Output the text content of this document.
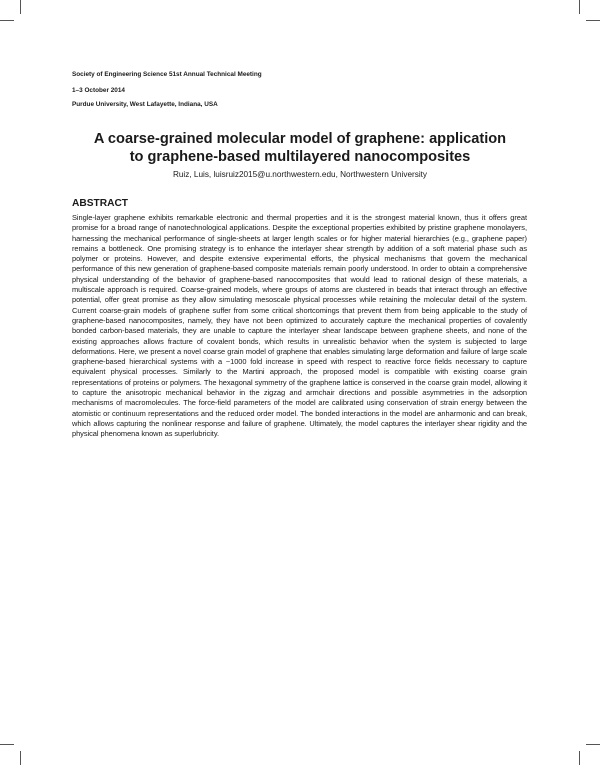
Society of Engineering Science 51st Annual Technical Meeting
1–3 October 2014
Purdue University, West Lafayette, Indiana, USA
A coarse-grained molecular model of graphene: application
to graphene-based multilayered nanocomposites
Ruiz, Luis, luisruiz2015@u.northwestern.edu, Northwestern University
ABSTRACT

Single-layer graphene exhibits remarkable electronic and thermal properties and it is the strongest material known, thus it offers great promise for a broad range of nanotechnological applications. Despite the exceptional properties exhibited by pristine graphene monolayers, harnessing the mechanical performance of single-sheets at larger length scales or for higher material hierarchies (e.g., graphene paper) remains a bottleneck. One promising strategy is to enhance the interlayer shear strength by addition of a soft material phase such as polymer or proteins. However, and despite extensive experimental efforts, the physical mechanisms that govern the mechanical performance of this new generation of graphene-based composite materials remain poorly understood. In order to obtain a comprehensive physical understanding of the behavior of graphene-based nanocomposites that would lead to rational design of these materials, a multiscale approach is required. Coarse-grained models, where groups of atoms are clustered in beads that interact through an effective potential, offer great promise as they allow simulating mesoscale physical processes while retaining the molecular detail of the system. Current coarse-grain models of graphene suffer from some critical shortcomings that prevent them from being applicable to the study of graphene-based nanocomposites, namely, they have not been optimized to accurately capture the mechanical properties of covalently bonded carbon-based materials, they are unable to capture the interlayer shear landscape between graphene sheets, and none of the existing approaches allows fracture of covalent bonds, which results in unrealistic behavior when the system is subjected to large deformations. Here, we present a novel coarse grain model of graphene that enables simulating large deformation and failure of large scale graphene-based hierarchical systems with a ~1000 fold increase in speed with respect to reactive force fields necessary to capture equivalent physical processes. Similarly to the Martini approach, the proposed model is compatible with existing coarse grain representations of proteins or polymers. The hexagonal symmetry of the graphene lattice is conserved in the coarse grain model, allowing it to capture the anisotropic mechanical behavior in the zigzag and armchair directions and possible asymmetries in the adsorption mechanisms of macromolecules. The force-field parameters of the model are calibrated using conservation of strain energy between the atomistic or continuum representations and the reduced order model. The bonded interactions in the model are anharmonic and can break, which allows capturing the nonlinear response and failure of graphene. Ultimately, the model captures the interlayer shear rigidity and the physical phenomena known as superlubricity.
